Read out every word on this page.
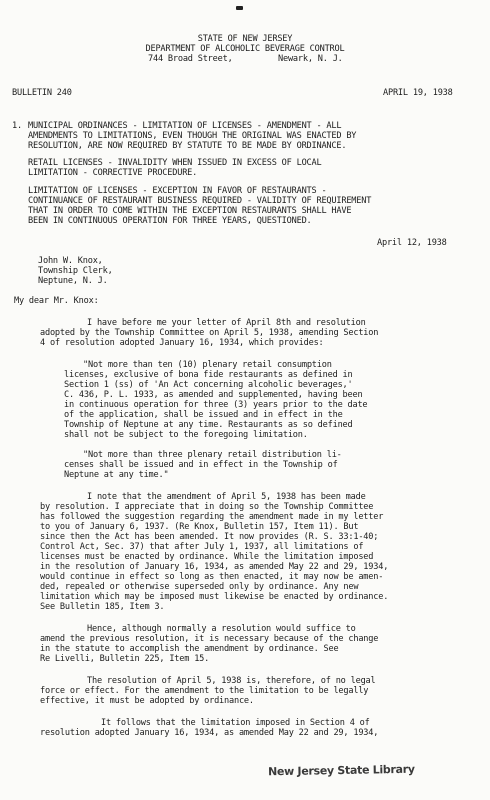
STATE OF NEW JERSEY
DEPARTMENT OF ALCOHOLIC BEVERAGE CONTROL
744 Broad Street,	Newark, N. J.
BULLETIN 240	APRIL 19, 1938
1. MUNICIPAL ORDINANCES - LIMITATION OF LICENSES - AMENDMENT - ALL
AMENDMENTS TO LIMITATIONS, EVEN THOUGH THE ORIGINAL WAS ENACTED BY
RESOLUTION, ARE NOW REQUIRED BY STATUTE TO BE MADE BY ORDINANCE.
RETAIL LICENSES - INVALIDITY WHEN ISSUED IN EXCESS OF LOCAL
LIMITATION - CORRECTIVE PROCEDURE.
LIMITATION OF LICENSES - EXCEPTION IN FAVOR OF RESTAURANTS -
CONTINUANCE OF RESTAURANT BUSINESS REQUIRED - VALIDITY OF REQUIREMENT
THAT IN ORDER TO COME WITHIN THE EXCEPTION RESTAURANTS SHALL HAVE
BEEN IN CONTINUOUS OPERATION FOR THREE YEARS, QUESTIONED.
April 12, 1938
John W. Knox,
Township Clerk,
Neptune, N. J.
My dear Mr. Knox:
I have before me your letter of April 8th and resolution
adopted by the Township Committee on April 5, 1938, amending Section
4 of resolution adopted January 16, 1934, which provides:
"Not more than ten (10) plenary retail consumption
licenses, exclusive of bona fide restaurants as defined in
Section 1 (ss) of 'An Act concerning alcoholic beverages,'
C. 436, P. L. 1933, as amended and supplemented, having been
in continuous operation for three (3) years prior to the date
of the application, shall be issued and in effect in the
Township of Neptune at any time. Restaurants as so defined
shall not be subject to the foregoing limitation.
"Not more than three plenary retail distribution li-
censes shall be issued and in effect in the Township of
Neptune at any time."
I note that the amendment of April 5, 1938 has been made
by resolution. I appreciate that in doing so the Township Committee
has followed the suggestion regarding the amendment made in my letter
to you of January 6, 1937. (Re Knox, Bulletin 157, Item 11). But
since then the Act has been amended. It now provides (R. S. 33:1-40;
Control Act, Sec. 37) that after July 1, 1937, all limitations of
licenses must be enacted by ordinance. While the limitation imposed
in the resolution of January 16, 1934, as amended May 22 and 29, 1934,
would continue in effect so long as then enacted, it may now be amen-
ded, repealed or otherwise superseded only by ordinance. Any new
limitation which may be imposed must likewise be enacted by ordinance.
See Bulletin 185, Item 3.
Hence, although normally a resolution would suffice to
amend the previous resolution, it is necessary because of the change
in the statute to accomplish the amendment by ordinance. See
Re Livelli, Bulletin 225, Item 15.
The resolution of April 5, 1938 is, therefore, of no legal
force or effect. For the amendment to the limitation to be legally
effective, it must be adopted by ordinance.
It follows that the limitation imposed in Section 4 of
resolution adopted January 16, 1934, as amended May 22 and 29, 1934,
New Jersey State Library
